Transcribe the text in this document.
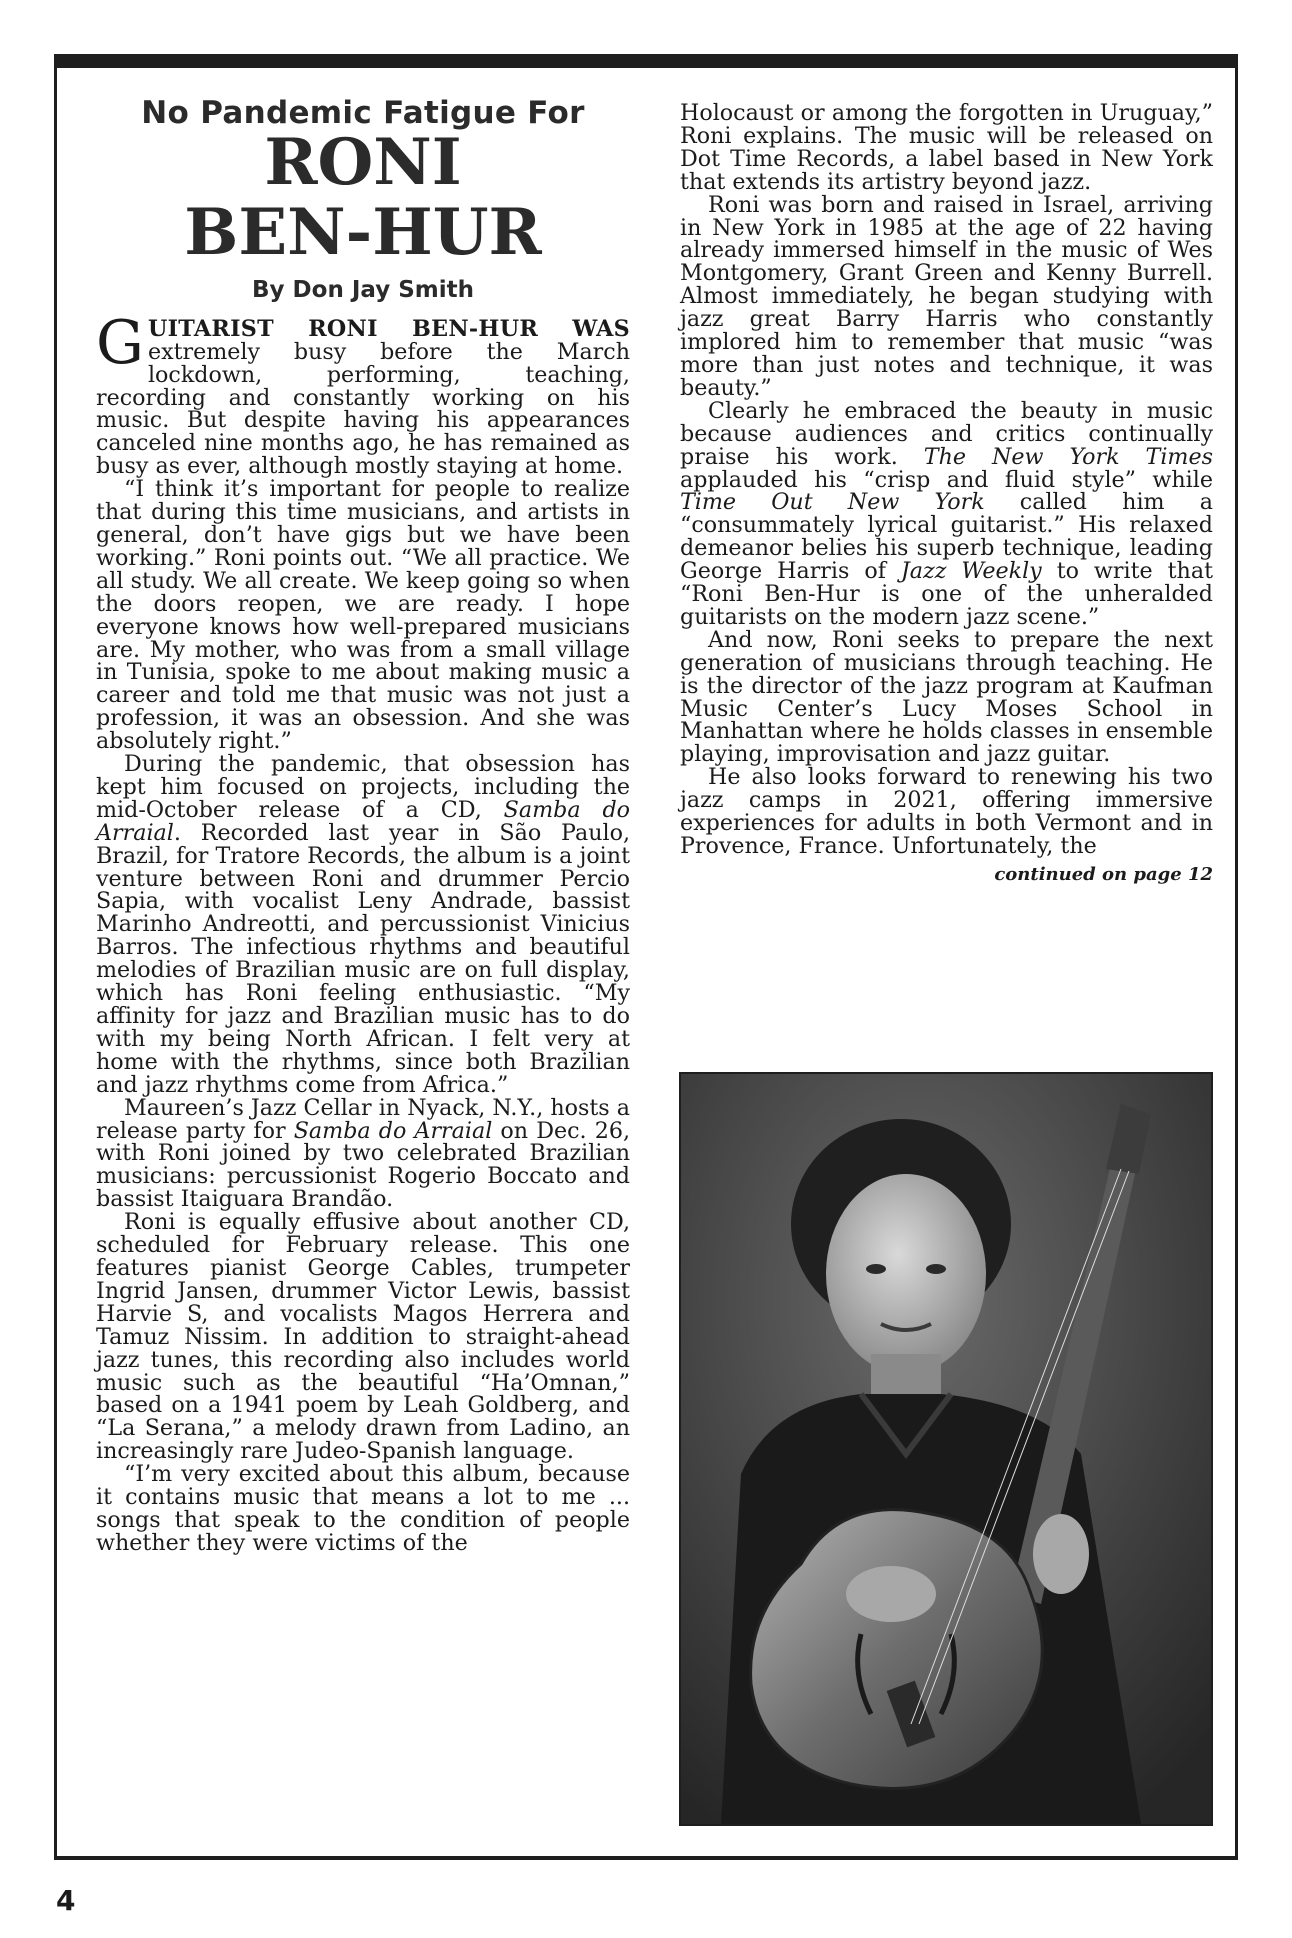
No Pandemic Fatigue For
RONI
BEN-HUR
By Don Jay Smith

GUITARIST RONI BEN-HUR WAS extremely busy before the March lockdown, performing, teaching, recording and constantly working on his music. But despite having his appearances canceled nine months ago, he has remained as busy as ever, although mostly staying at home.

“I think it’s important for people to realize that during this time musicians, and artists in general, don’t have gigs but we have been working.” Roni points out. “We all practice. We all study. We all create. We keep going so when the doors reopen, we are ready. I hope everyone knows how well-prepared musicians are. My mother, who was from a small village in Tunisia, spoke to me about making music a career and told me that music was not just a profession, it was an obsession. And she was absolutely right.”

During the pandemic, that obsession has kept him focused on projects, including the mid-October release of a CD, Samba do Arraial. Recorded last year in São Paulo, Brazil, for Tratore Records, the album is a joint venture between Roni and drummer Percio Sapia, with vocalist Leny Andrade, bassist Marinho Andreotti, and percussionist Vinicius Barros. The infectious rhythms and beautiful melodies of Brazilian music are on full display, which has Roni feeling enthusiastic. “My affinity for jazz and Brazilian music has to do with my being North African. I felt very at home with the rhythms, since both Brazilian and jazz rhythms come from Africa.”

Maureen’s Jazz Cellar in Nyack, N.Y., hosts a release party for Samba do Arraial on Dec. 26, with Roni joined by two celebrated Brazilian musicians: percussionist Rogerio Boccato and bassist Itaiguara Brandão.

Roni is equally effusive about another CD, scheduled for February release. This one features pianist George Cables, trumpeter Ingrid Jansen, drummer Victor Lewis, bassist Harvie S, and vocalists Magos Herrera and Tamuz Nissim. In addition to straight-ahead jazz tunes, this recording also includes world music such as the beautiful “Ha’Omnan,” based on a 1941 poem by Leah Goldberg, and “La Serana,” a melody drawn from Ladino, an increasingly rare Judeo-Spanish language.

“I’m very excited about this album, because it contains music that means a lot to me ... songs that speak to the condition of people whether they were victims of the

Holocaust or among the forgotten in Uruguay,” Roni explains. The music will be released on Dot Time Records, a label based in New York that extends its artistry beyond jazz.

Roni was born and raised in Israel, arriving in New York in 1985 at the age of 22 having already immersed himself in the music of Wes Montgomery, Grant Green and Kenny Burrell. Almost immediately, he began studying with jazz great Barry Harris who constantly implored him to remember that music “was more than just notes and technique, it was beauty.”

Clearly he embraced the beauty in music because audiences and critics continually praise his work. The New York Times applauded his “crisp and fluid style” while Time Out New York called him a “consummately lyrical guitarist.” His relaxed demeanor belies his superb technique, leading George Harris of Jazz Weekly to write that “Roni Ben-Hur is one of the unheralded guitarists on the modern jazz scene.”

And now, Roni seeks to prepare the next generation of musicians through teaching. He is the director of the jazz program at Kaufman Music Center’s Lucy Moses School in Manhattan where he holds classes in ensemble playing, improvisation and jazz guitar.

He also looks forward to renewing his two jazz camps in 2021, offering immersive experiences for adults in both Vermont and in Provence, France. Unfortunately, the

continued on page 12
4
